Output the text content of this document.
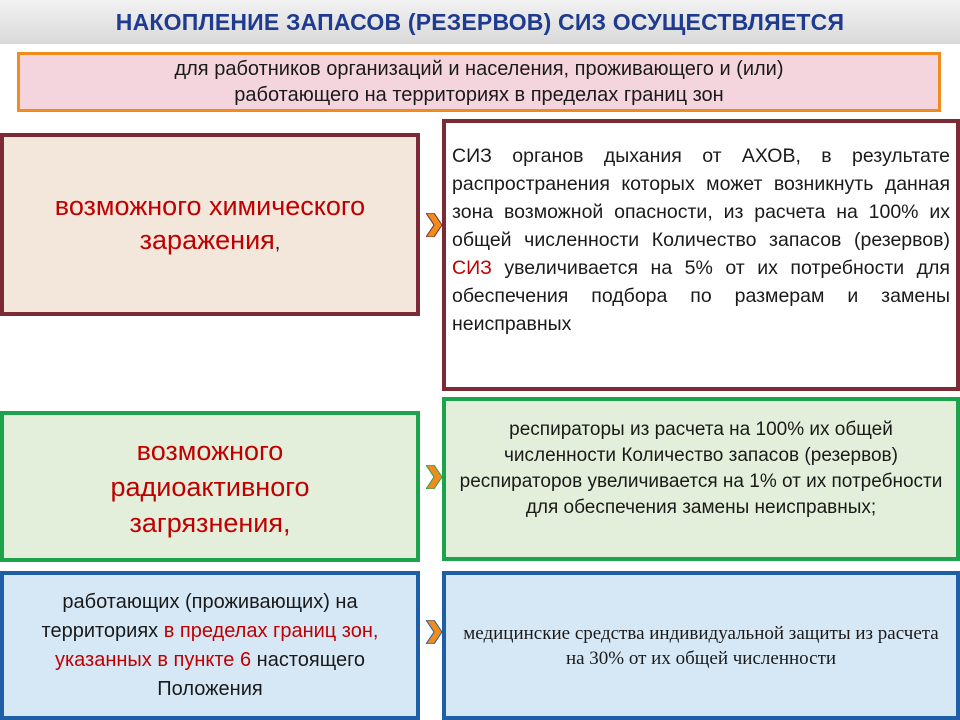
НАКОПЛЕНИЕ ЗАПАСОВ (РЕЗЕРВОВ) СИЗ ОСУЩЕСТВЛЯЕТСЯ
для работников организаций и населения, проживающего и (или)
работающего на территориях в пределах границ зон
возможного химического заражения,
СИЗ органов дыхания от АХОВ, в результате распространения которых может возникнуть данная зона возможной опасности, из расчета на 100% их общей численности Количество запасов (резервов) СИЗ увеличивается на 5% от их потребности для обеспечения подбора по размерам и замены неисправных
возможного
радиоактивного
загрязнения,
респираторы из расчета на 100% их общей численности Количество запасов (резервов) респираторов увеличивается на 1% от их потребности для обеспечения замены неисправных;
работающих (проживающих) на
территориях в пределах границ зон,
указанных в пункте 6 настоящего
Положения
медицинские средства индивидуальной защиты из расчета на 30% от их общей численности
